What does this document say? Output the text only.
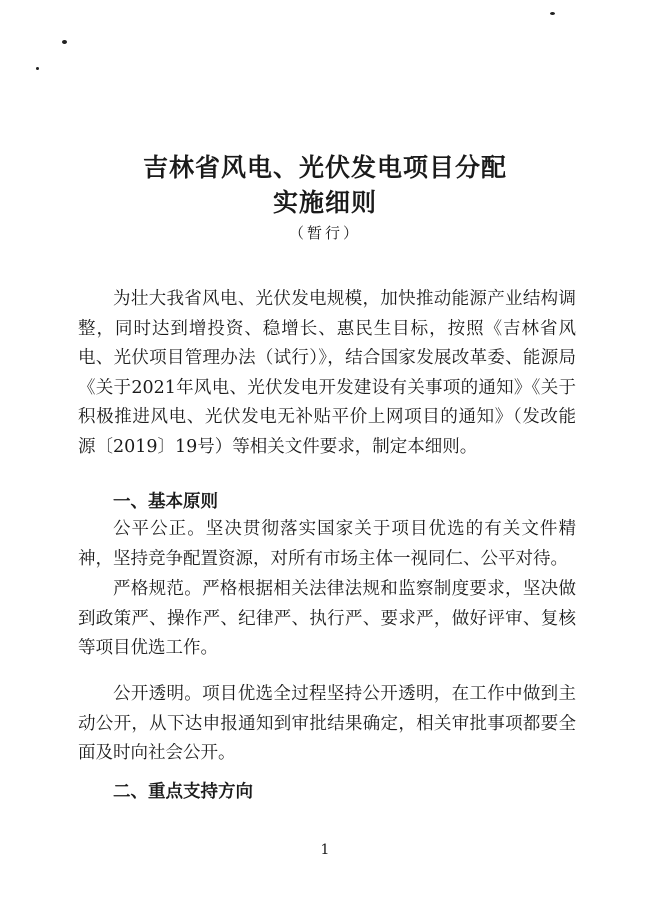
吉林省风电、光伏发电项目分配
实施细则

（暂行）

为壮大我省风电、光伏发电规模，加快推动能源产业结构调整，同时达到增投资、稳增长、惠民生目标，按照《吉林省风电、光伏项目管理办法（试行）》，结合国家发展改革委、能源局《关于2021年风电、光伏发电开发建设有关事项的通知》《关于积极推进风电、光伏发电无补贴平价上网项目的通知》（发改能源〔2019〕19号）等相关文件要求，制定本细则。

一、基本原则

公平公正。坚决贯彻落实国家关于项目优选的有关文件精神，坚持竞争配置资源，对所有市场主体一视同仁、公平对待。

严格规范。严格根据相关法律法规和监察制度要求，坚决做到政策严、操作严、纪律严、执行严、要求严，做好评审、复核等项目优选工作。

公开透明。项目优选全过程坚持公开透明，在工作中做到主动公开，从下达申报通知到审批结果确定，相关审批事项都要全面及时向社会公开。

二、重点支持方向

1
